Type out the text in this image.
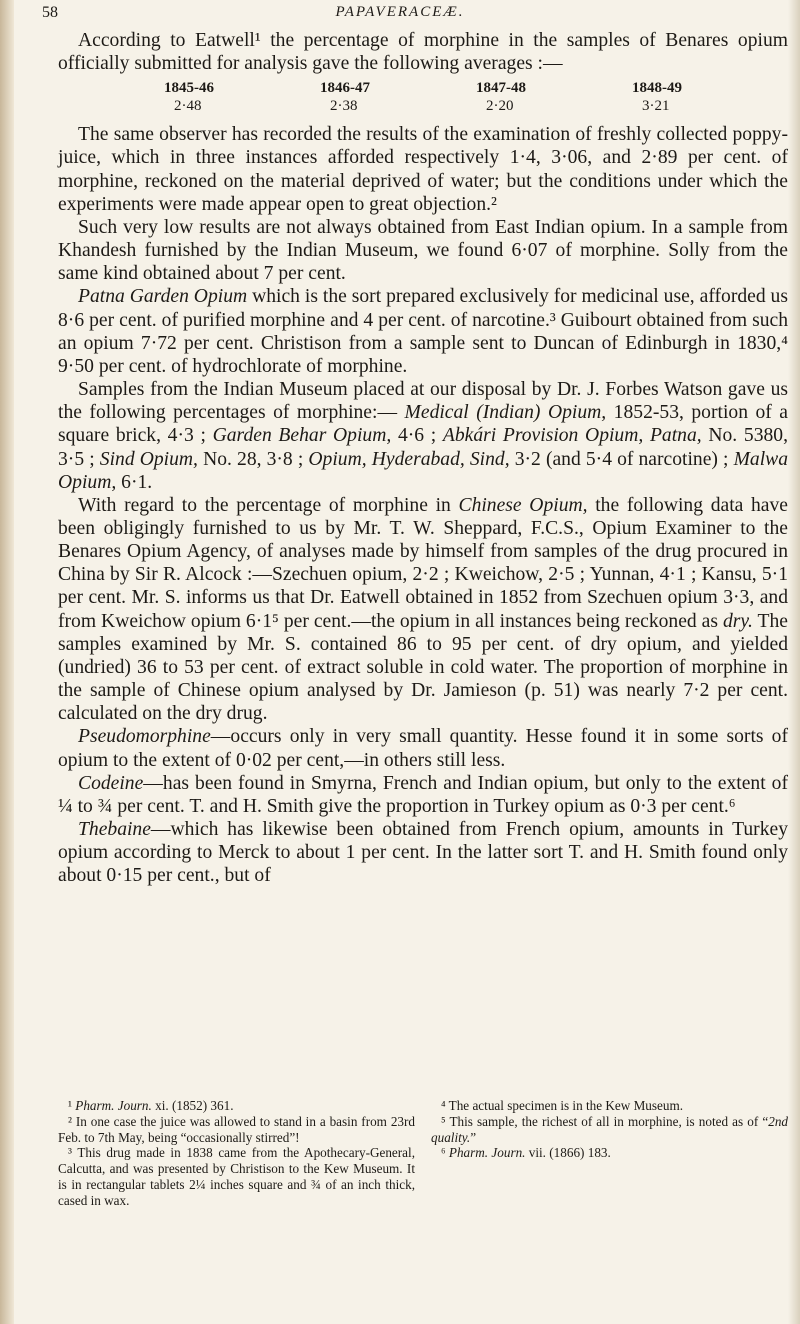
58	PAPAVERACEÆ.

According to Eatwell¹ the percentage of morphine in the samples of Benares opium officially submitted for analysis gave the following averages :—

1845-46
2·48
1846-47
2·38
1847-48
2·20
1848-49
3·21

The same observer has recorded the results of the examination of freshly collected poppy-juice, which in three instances afforded respectively 1·4, 3·06, and 2·89 per cent. of morphine, reckoned on the material deprived of water; but the conditions under which the experiments were made appear open to great objection.²

Such very low results are not always obtained from East Indian opium. In a sample from Khandesh furnished by the Indian Museum, we found 6·07 of morphine. Solly from the same kind obtained about 7 per cent.

Patna Garden Opium which is the sort prepared exclusively for medicinal use, afforded us 8·6 per cent. of purified morphine and 4 per cent. of narcotine.³ Guibourt obtained from such an opium 7·72 per cent. Christison from a sample sent to Duncan of Edinburgh in 1830,⁴ 9·50 per cent. of hydrochlorate of morphine.

Samples from the Indian Museum placed at our disposal by Dr. J. Forbes Watson gave us the following percentages of morphine:— Medical (Indian) Opium, 1852-53, portion of a square brick, 4·3 ; Garden Behar Opium, 4·6 ; Abkári Provision Opium, Patna, No. 5380, 3·5 ; Sind Opium, No. 28, 3·8 ; Opium, Hyderabad, Sind, 3·2 (and 5·4 of narcotine) ; Malwa Opium, 6·1.

With regard to the percentage of morphine in Chinese Opium, the following data have been obligingly furnished to us by Mr. T. W. Sheppard, F.C.S., Opium Examiner to the Benares Opium Agency, of analyses made by himself from samples of the drug procured in China by Sir R. Alcock :—Szechuen opium, 2·2 ; Kweichow, 2·5 ; Yunnan, 4·1 ; Kansu, 5·1 per cent. Mr. S. informs us that Dr. Eatwell obtained in 1852 from Szechuen opium 3·3, and from Kweichow opium 6·1⁵ per cent.—the opium in all instances being reckoned as dry. The samples examined by Mr. S. contained 86 to 95 per cent. of dry opium, and yielded (undried) 36 to 53 per cent. of extract soluble in cold water. The proportion of morphine in the sample of Chinese opium analysed by Dr. Jamieson (p. 51) was nearly 7·2 per cent. calculated on the dry drug.

Pseudomorphine—occurs only in very small quantity. Hesse found it in some sorts of opium to the extent of 0·02 per cent,—in others still less.

Codeine—has been found in Smyrna, French and Indian opium, but only to the extent of ¼ to ¾ per cent. T. and H. Smith give the proportion in Turkey opium as 0·3 per cent.⁶

Thebaine—which has likewise been obtained from French opium, amounts in Turkey opium according to Merck to about 1 per cent. In the latter sort T. and H. Smith found only about 0·15 per cent., but of

¹ Pharm. Journ. xi. (1852) 361.

² In one case the juice was allowed to stand in a basin from 23rd Feb. to 7th May, being “occasionally stirred”!

³ This drug made in 1838 came from the Apothecary-General, Calcutta, and was presented by Christison to the Kew Museum. It is in rectangular tablets 2¼ inches square and ¾ of an inch thick, cased in wax.

⁴ The actual specimen is in the Kew Museum.

⁵ This sample, the richest of all in morphine, is noted as of “2nd quality.”

⁶ Pharm. Journ. vii. (1866) 183.
